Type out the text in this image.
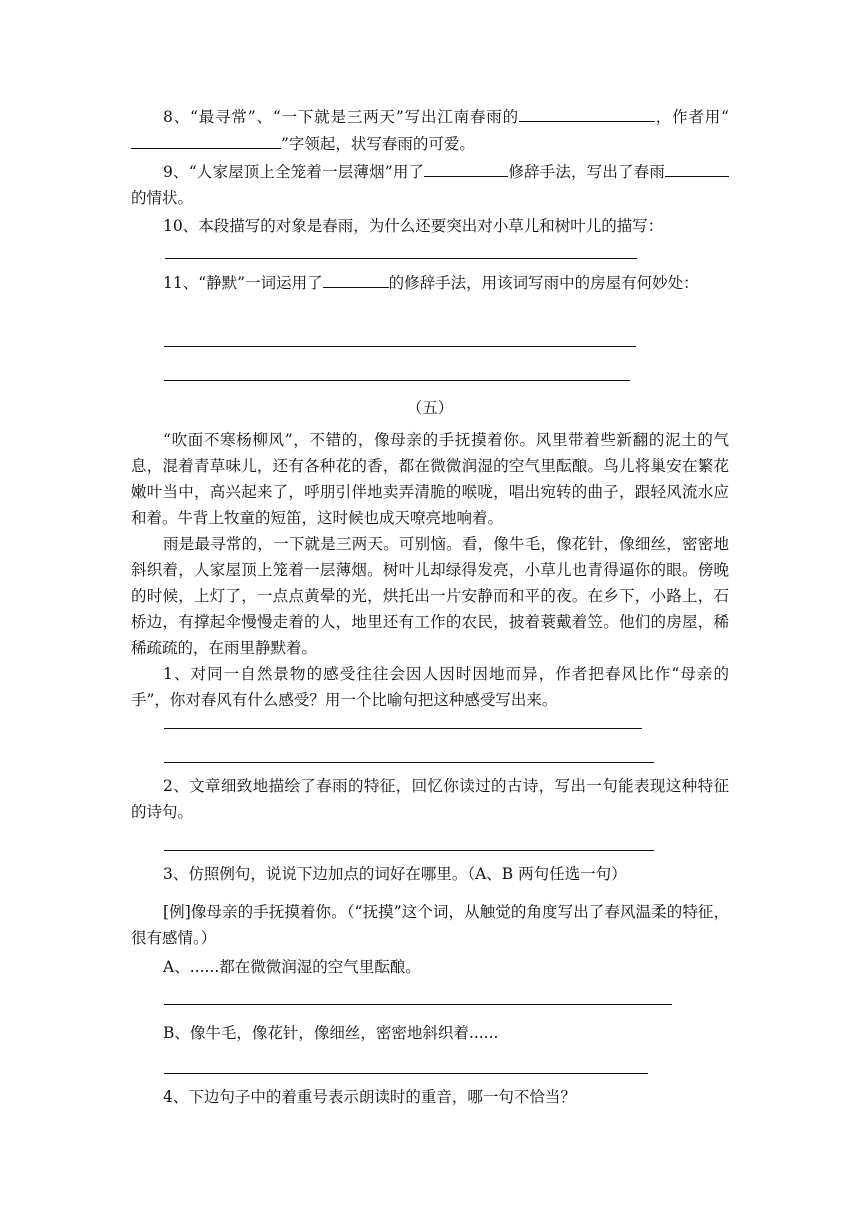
8、“最寻常”、“一下就是三两天”写出江南春雨的	，作者用“”字领起，状写春雨的可爱。

9、“人家屋顶上全笼着一层薄烟”用了	修辞手法，写出了春雨的情状。

10、本段描写的对象是春雨，为什么还要突出对小草儿和树叶儿的描写：

11、“静默”一词运用了	的修辞手法，用该词写雨中的房屋有何妙处：

（五）

“吹面不寒杨柳风”，不错的，像母亲的手抚摸着你。风里带着些新翻的泥土的气息，混着青草味儿，还有各种花的香，都在微微润湿的空气里酝酿。鸟儿将巢安在繁花嫩叶当中，高兴起来了，呼朋引伴地卖弄清脆的喉咙，唱出宛转的曲子，跟轻风流水应和着。牛背上牧童的短笛，这时候也成天嘹亮地响着。

雨是最寻常的，一下就是三两天。可别恼。看，像牛毛，像花针，像细丝，密密地斜织着，人家屋顶上笼着一层薄烟。树叶儿却绿得发亮，小草儿也青得逼你的眼。傍晚的时候，上灯了，一点点黄晕的光，烘托出一片安静而和平的夜。在乡下，小路上，石桥边，有撑起伞慢慢走着的人，地里还有工作的农民，披着蓑戴着笠。他们的房屋，稀稀疏疏的，在雨里静默着。

1、对同一自然景物的感受往往会因人因时因地而异，作者把春风比作“母亲的手”，你对春风有什么感受？用一个比喻句把这种感受写出来。

2、文章细致地描绘了春雨的特征，回忆你读过的古诗，写出一句能表现这种特征的诗句。

3、仿照例句，说说下边加点的词好在哪里。（A、B 两句任选一句）

[例]像母亲的手抚摸着你。（“抚摸”这个词，从触觉的角度写出了春风温柔的特征，很有感情。）

A、......都在微微润湿的空气里酝酿。

B、像牛毛，像花针，像细丝，密密地斜织着......

4、下边句子中的着重号表示朗读时的重音，哪一句不恰当？
